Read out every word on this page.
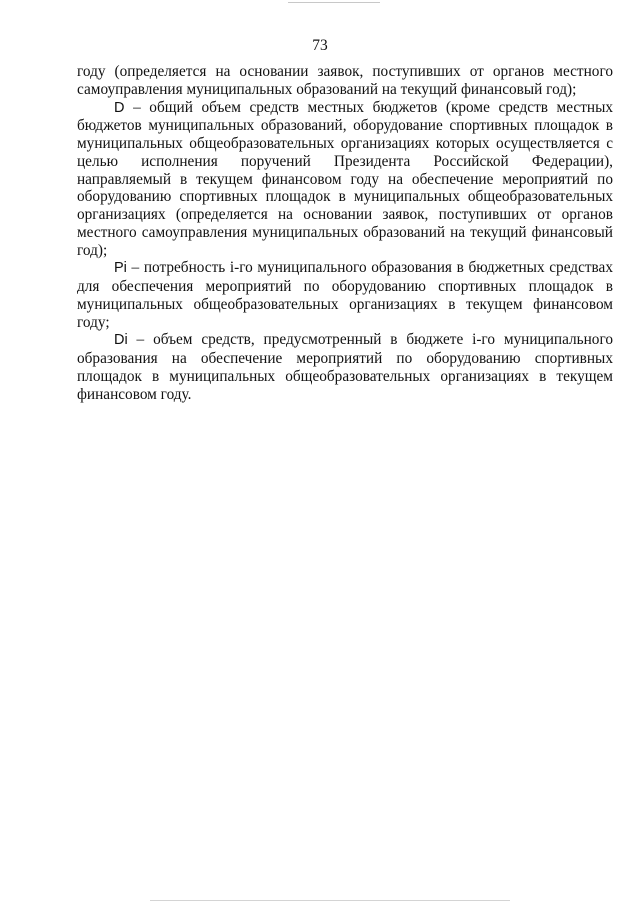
73

году (определяется на основании заявок, поступивших от органов местного самоуправления муниципальных образований на текущий финансовый год);

D – общий объем средств местных бюджетов (кроме средств местных бюджетов муниципальных образований, оборудование спортивных площадок в муниципальных общеобразовательных организациях которых осуществляется с целью исполнения поручений Президента Российской Федерации), направляемый в текущем финансовом году на обеспечение мероприятий по оборудованию спортивных площадок в муниципальных общеобразовательных организациях (определяется на основании заявок, поступивших от органов местного самоуправления муниципальных образований на текущий финансовый год);

Pi – потребность i-го муниципального образования в бюджетных средствах для обеспечения мероприятий по оборудованию спортивных площадок в муниципальных общеобразовательных организациях в текущем финансовом году;

Di – объем средств, предусмотренный в бюджете i-го муниципального образования на обеспечение мероприятий по оборудованию спортивных площадок в муниципальных общеобразовательных организациях в текущем финансовом году.
